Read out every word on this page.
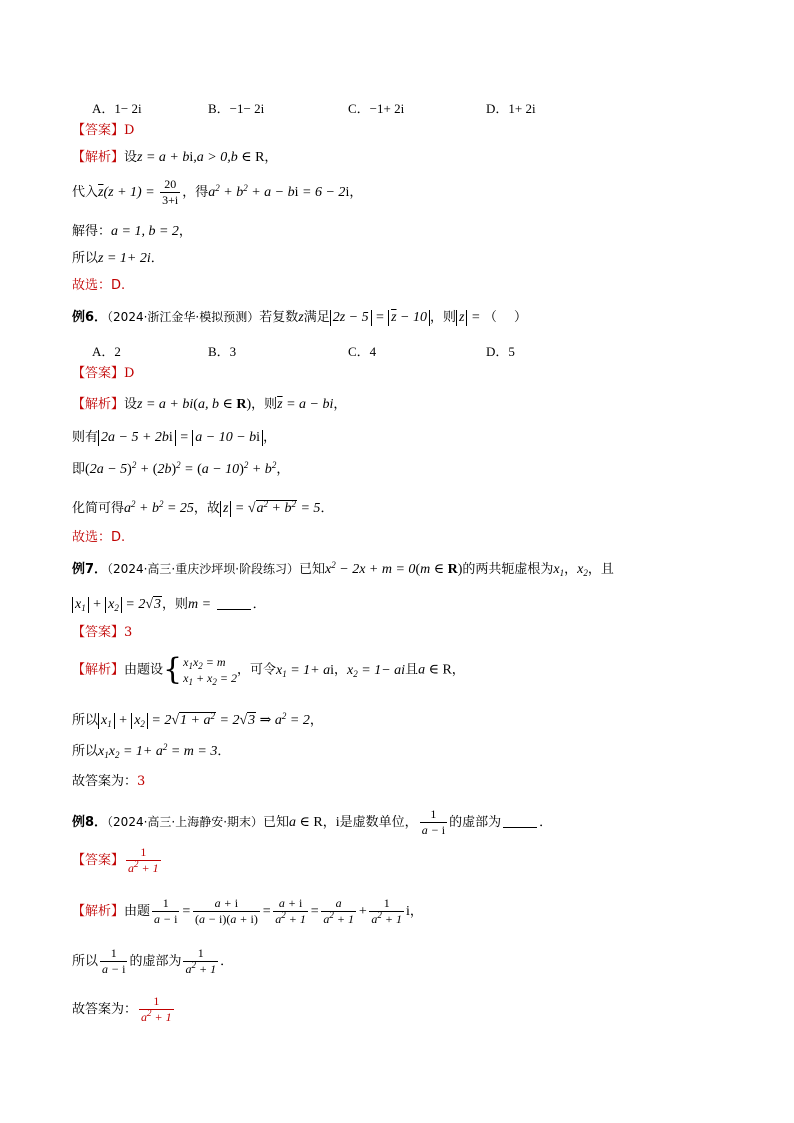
A．1− 2i	B．−1− 2i	C．−1+ 2i	D．1+ 2i
【答案】D
【解析】设z = a + bi,a > 0,b ∈ R，
代入$\overline{z}(z + 1) = \frac{20}{3+i}$ ，得$a^2 + b^2 + a$ − bi = 6 − 2i，
解得：a = 1, b = 2，
所以z = 1+ 2i．
故选：D.
例6．（2024·浙江金华·模拟预测）若复数z满足 $2z - 5 = \overline{z} - 10$ ，则 z = （　 ）
A．2	B．3	C．4	D．5
【答案】D
【解析】设z = a + bi(a, b ∈ R)，则$\overline{z} = a$ − bi，
则有 2a − 5 + 2bi = a − 10 − bi ，
即$(2a - 5)^2 + (2b)^2 = (a - 10)^2 + b^2$，
化简可得$a^2 + b^2 = 25$，故 $z = √a^2 + b^2 = 5$．
故选：D.
例7．（2024·高三·重庆沙坪坝·阶段练习）已知$x^2 - 2x + m = 0(m$ ∈ R)的两共轭虚根为$x_1$，$x_2$，且
$x_1 + x_2 = 2√3$，则m =	．
【答案】3
【解析】由题设 { $x_1x_2 = m$
$x_1 + x_2 = 2$
，可令$x_1 = 1+$ ai，$x_2 = 1-$ ai且a ∈ R，
所以 $x_1 + x_2 = 2√1 + a^2 = 2√3$ ⇒ $a^2 = 2$，
所以$x_1x_2 = 1+ a^2 = m = 3$．
故答案为：3
例8．（2024·高三·上海静安·期末）已知a ∈ R，i是虚数单位， $\frac{1}{a - i}$ 的虚部为	．
【答案】 $\frac{1}{a^2 + 1}$
【解析】由题 $\frac{1}{a - i} = \frac{a + i}{(a - i)(a + i)} = \frac{a + i}{a^2 + 1} = \frac{a}{a^2 + 1} + \frac{1}{a^2 + 1}$ i，
所以 $\frac{1}{a - i}$ 的虚部为 $\frac{1}{a^2 + 1}$ ．
故答案为： $\frac{1}{a^2 + 1}$
